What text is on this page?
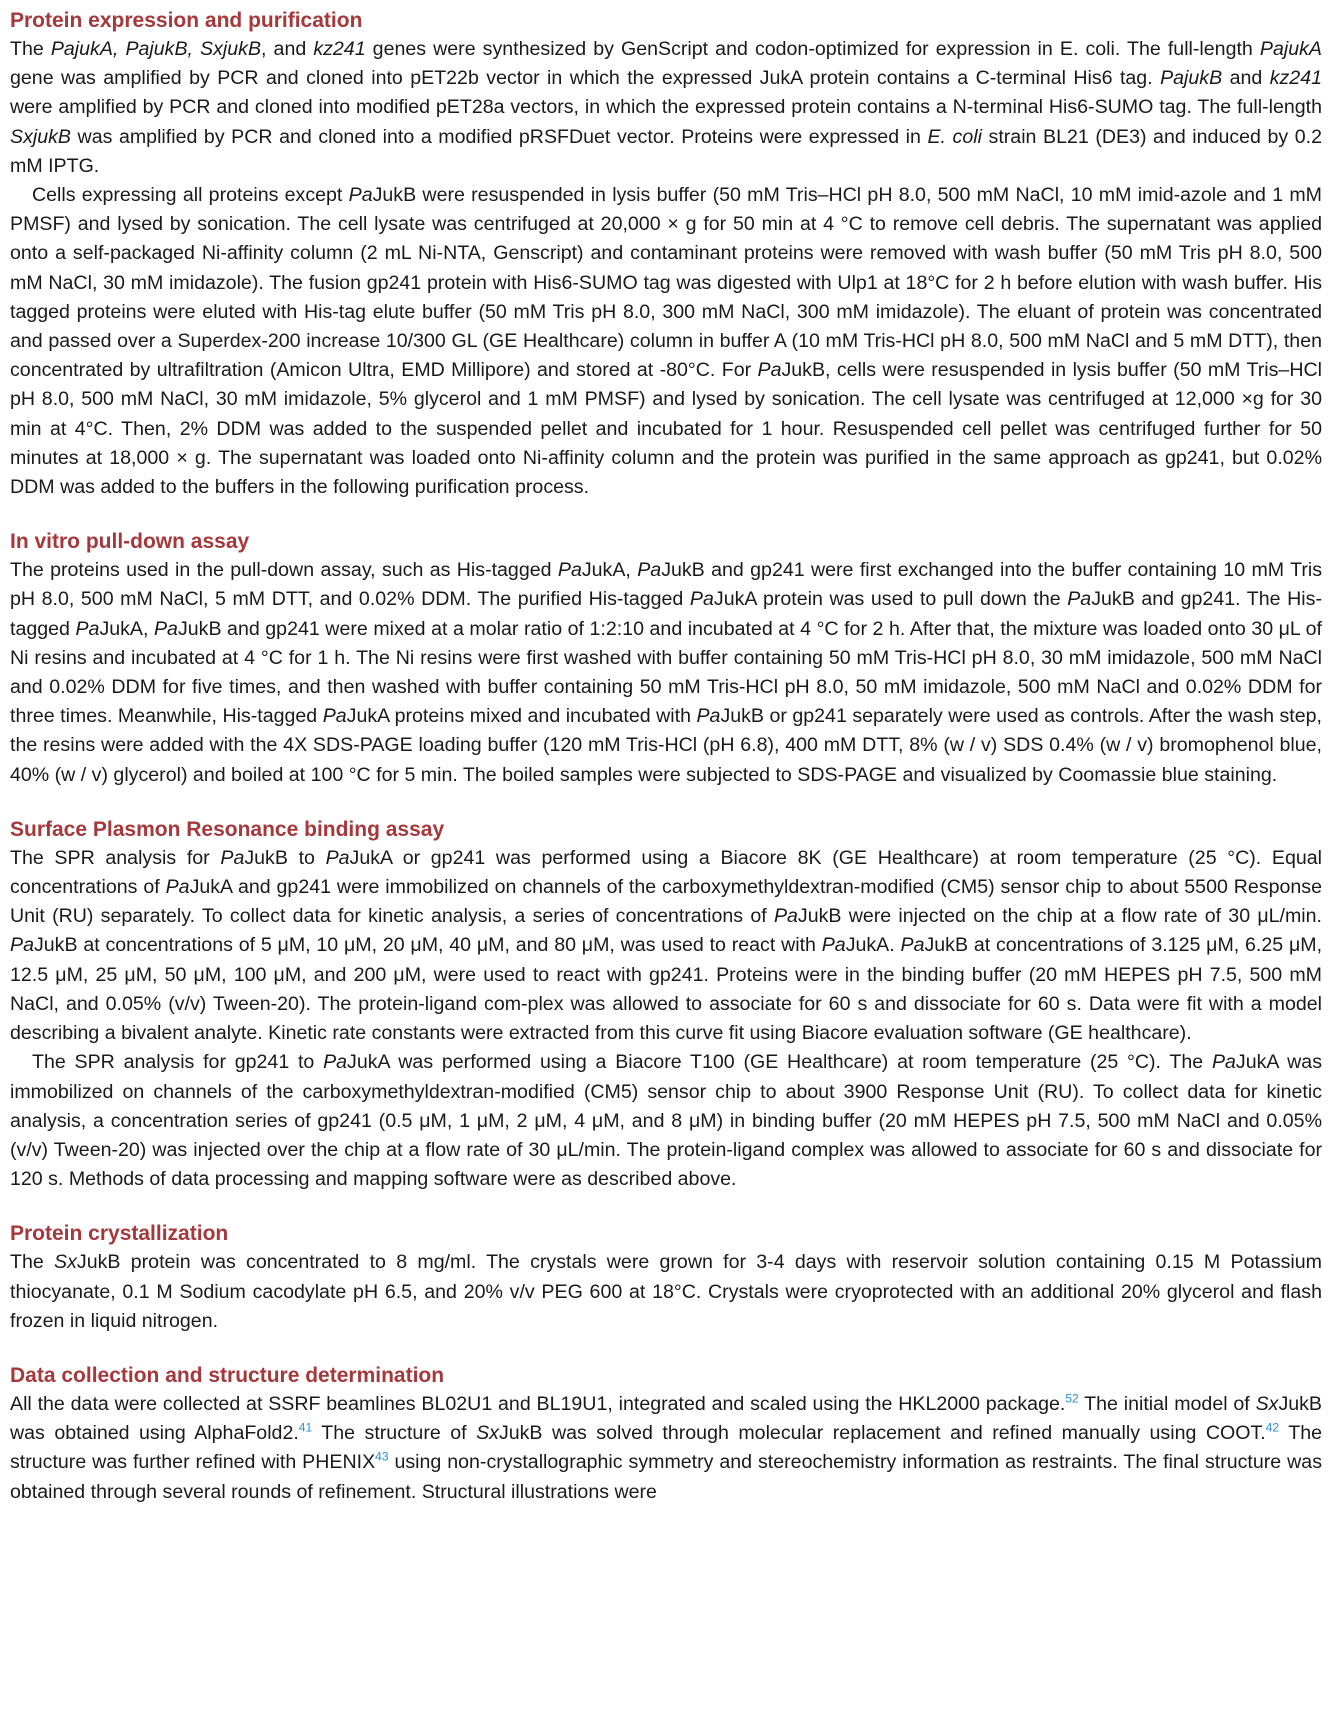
Protein expression and purification

The PajukA, PajukB, SxjukB, and kz241 genes were synthesized by GenScript and codon-optimized for expression in E. coli. The full-length PajukA gene was amplified by PCR and cloned into pET22b vector in which the expressed JukA protein contains a C-terminal His6 tag. PajukB and kz241 were amplified by PCR and cloned into modified pET28a vectors, in which the expressed protein contains a N-terminal His6-SUMO tag. The full-length SxjukB was amplified by PCR and cloned into a modified pRSFDuet vector. Proteins were expressed in E. coli strain BL21 (DE3) and induced by 0.2 mM IPTG.

Cells expressing all proteins except PaJukB were resuspended in lysis buffer (50 mM Tris–HCl pH 8.0, 500 mM NaCl, 10 mM imid-azole and 1 mM PMSF) and lysed by sonication. The cell lysate was centrifuged at 20,000 × g for 50 min at 4 °C to remove cell debris. The supernatant was applied onto a self-packaged Ni-affinity column (2 mL Ni-NTA, Genscript) and contaminant proteins were removed with wash buffer (50 mM Tris pH 8.0, 500 mM NaCl, 30 mM imidazole). The fusion gp241 protein with His6-SUMO tag was digested with Ulp1 at 18°C for 2 h before elution with wash buffer. His tagged proteins were eluted with His-tag elute buffer (50 mM Tris pH 8.0, 300 mM NaCl, 300 mM imidazole). The eluant of protein was concentrated and passed over a Superdex-200 increase 10/300 GL (GE Healthcare) column in buffer A (10 mM Tris-HCl pH 8.0, 500 mM NaCl and 5 mM DTT), then concentrated by ultrafiltration (Amicon Ultra, EMD Millipore) and stored at -80°C. For PaJukB, cells were resuspended in lysis buffer (50 mM Tris–HCl pH 8.0, 500 mM NaCl, 30 mM imidazole, 5% glycerol and 1 mM PMSF) and lysed by sonication. The cell lysate was centrifuged at 12,000 ×g for 30 min at 4°C. Then, 2% DDM was added to the suspended pellet and incubated for 1 hour. Resuspended cell pellet was centrifuged further for 50 minutes at 18,000 × g. The supernatant was loaded onto Ni-affinity column and the protein was purified in the same approach as gp241, but 0.02% DDM was added to the buffers in the following purification process.

In vitro pull-down assay

The proteins used in the pull-down assay, such as His-tagged PaJukA, PaJukB and gp241 were first exchanged into the buffer containing 10 mM Tris pH 8.0, 500 mM NaCl, 5 mM DTT, and 0.02% DDM. The purified His-tagged PaJukA protein was used to pull down the PaJukB and gp241. The His-tagged PaJukA, PaJukB and gp241 were mixed at a molar ratio of 1:2:10 and incubated at 4 °C for 2 h. After that, the mixture was loaded onto 30 μL of Ni resins and incubated at 4 °C for 1 h. The Ni resins were first washed with buffer containing 50 mM Tris-HCl pH 8.0, 30 mM imidazole, 500 mM NaCl and 0.02% DDM for five times, and then washed with buffer containing 50 mM Tris-HCl pH 8.0, 50 mM imidazole, 500 mM NaCl and 0.02% DDM for three times. Meanwhile, His-tagged PaJukA proteins mixed and incubated with PaJukB or gp241 separately were used as controls. After the wash step, the resins were added with the 4X SDS-PAGE loading buffer (120 mM Tris-HCl (pH 6.8), 400 mM DTT, 8% (w / v) SDS 0.4% (w / v) bromophenol blue, 40% (w / v) glycerol) and boiled at 100 °C for 5 min. The boiled samples were subjected to SDS-PAGE and visualized by Coomassie blue staining.

Surface Plasmon Resonance binding assay

The SPR analysis for PaJukB to PaJukA or gp241 was performed using a Biacore 8K (GE Healthcare) at room temperature (25 °C). Equal concentrations of PaJukA and gp241 were immobilized on channels of the carboxymethyldextran-modified (CM5) sensor chip to about 5500 Response Unit (RU) separately. To collect data for kinetic analysis, a series of concentrations of PaJukB were injected on the chip at a flow rate of 30 μL/min. PaJukB at concentrations of 5 μM, 10 μM, 20 μM, 40 μM, and 80 μM, was used to react with PaJukA. PaJukB at concentrations of 3.125 μM, 6.25 μM, 12.5 μM, 25 μM, 50 μM, 100 μM, and 200 μM, were used to react with gp241. Proteins were in the binding buffer (20 mM HEPES pH 7.5, 500 mM NaCl, and 0.05% (v/v) Tween-20). The protein-ligand com-plex was allowed to associate for 60 s and dissociate for 60 s. Data were fit with a model describing a bivalent analyte. Kinetic rate constants were extracted from this curve fit using Biacore evaluation software (GE healthcare).

The SPR analysis for gp241 to PaJukA was performed using a Biacore T100 (GE Healthcare) at room temperature (25 °C). The PaJukA was immobilized on channels of the carboxymethyldextran-modified (CM5) sensor chip to about 3900 Response Unit (RU). To collect data for kinetic analysis, a concentration series of gp241 (0.5 μM, 1 μM, 2 μM, 4 μM, and 8 μM) in binding buffer (20 mM HEPES pH 7.5, 500 mM NaCl and 0.05% (v/v) Tween-20) was injected over the chip at a flow rate of 30 μL/min. The protein-ligand complex was allowed to associate for 60 s and dissociate for 120 s. Methods of data processing and mapping software were as described above.

Protein crystallization

The SxJukB protein was concentrated to 8 mg/ml. The crystals were grown for 3-4 days with reservoir solution containing 0.15 M Potassium thiocyanate, 0.1 M Sodium cacodylate pH 6.5, and 20% v/v PEG 600 at 18°C. Crystals were cryoprotected with an additional 20% glycerol and flash frozen in liquid nitrogen.

Data collection and structure determination

All the data were collected at SSRF beamlines BL02U1 and BL19U1, integrated and scaled using the HKL2000 package.$^{52}$ The initial model of SxJukB was obtained using AlphaFold2.41 The structure of SxJukB was solved through molecular replacement and refined manually using COOT.$^{42}$ The structure was further refined with PHENIX$^{43}$ using non-crystallographic symmetry and stereochemistry information as restraints. The final structure was obtained through several rounds of refinement. Structural illustrations were
